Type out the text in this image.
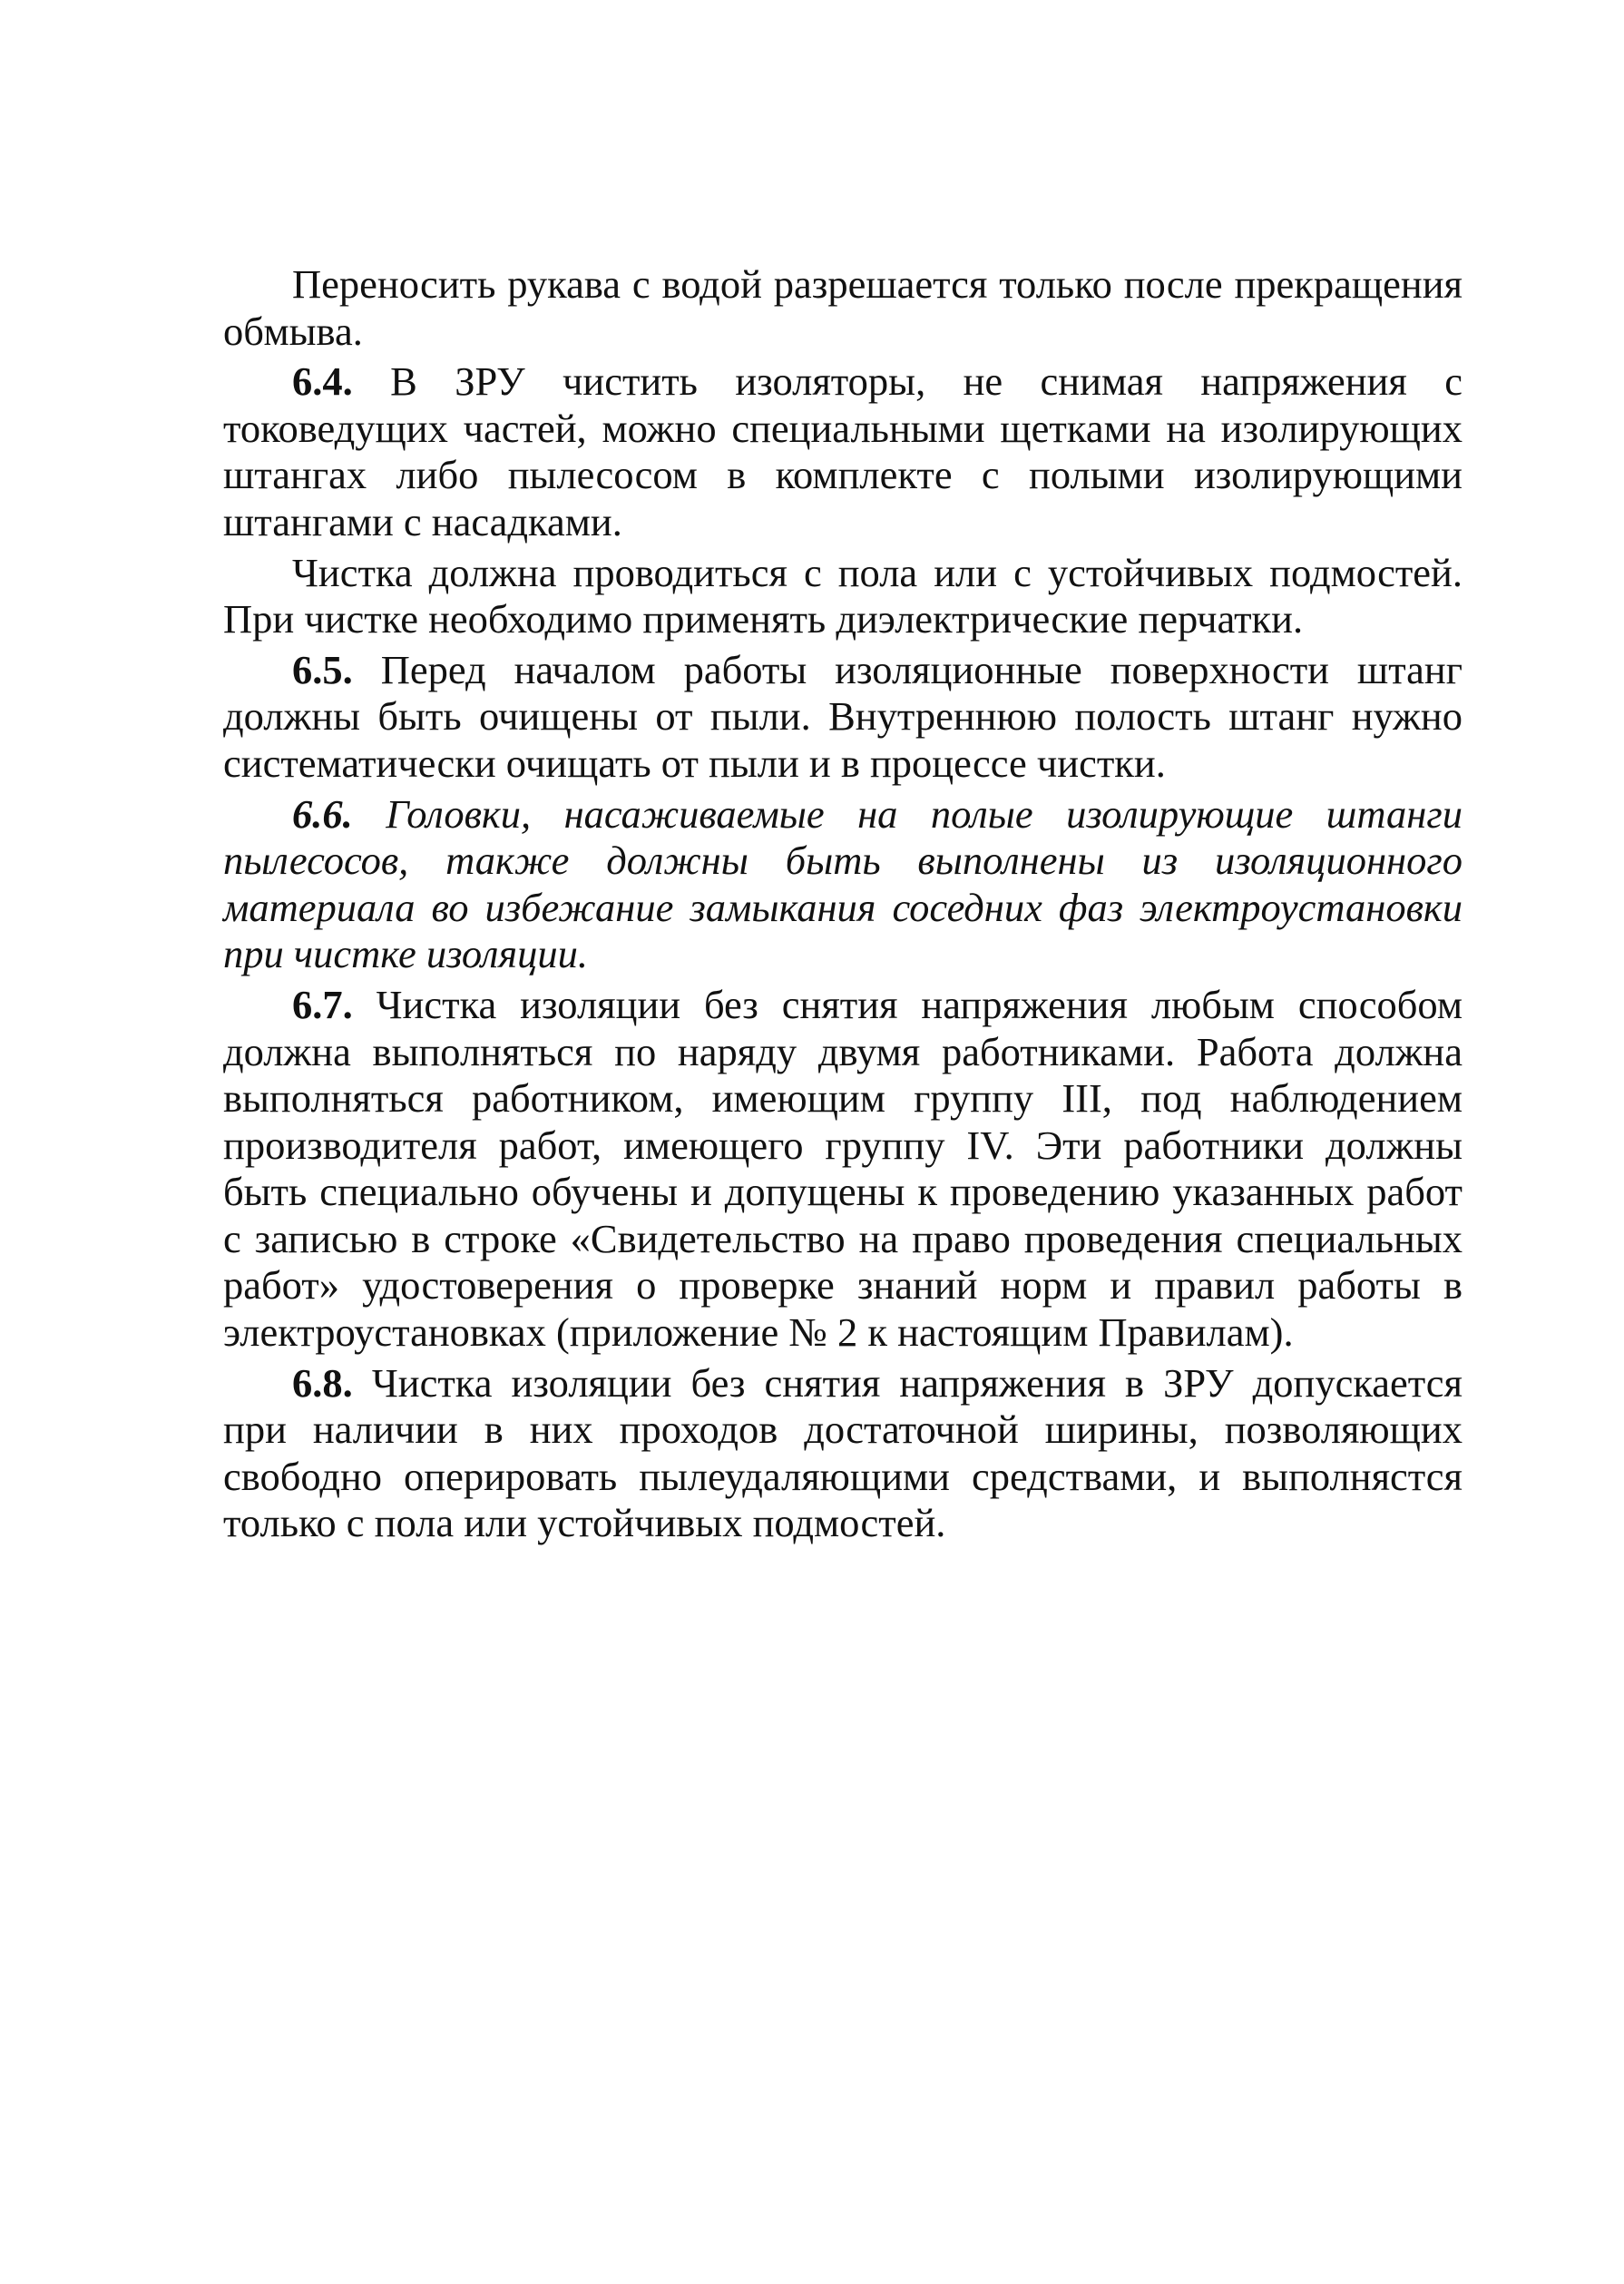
Переносить рукава с водой разрешается только после прекращения обмыва.

6.4. В ЗРУ чистить изоляторы, не снимая напряжения с токоведущих частей, можно специальными щетками на изолирующих штангах либо пылесосом в комплекте с полыми изолирующими штангами с насадками.

Чистка должна проводиться с пола или с устойчивых подмостей. При чистке необходимо применять диэлектрические перчатки.

6.5. Перед началом работы изоляционные поверхности штанг должны быть очищены от пыли. Внутреннюю полость штанг нужно систематически очищать от пыли и в процессе чистки.

6.6. Головки, насаживаемые на полые изолирующие штанги пылесосов, также должны быть выполнены из изоляционного материала во избежание замыкания соседних фаз электроустановки при чистке изоляции.

6.7. Чистка изоляции без снятия напряжения любым способом должна выполняться по наряду двумя работниками. Работа должна выполняться работником, имеющим группу III, под наблюдением производителя работ, имеющего группу IV. Эти работники должны быть специально обучены и допущены к проведению указанных работ с записью в строке «Свидетельство на право проведения специальных работ» удостоверения о проверке знаний норм и правил работы в электроустановках (приложение № 2 к настоящим Правилам).

6.8. Чистка изоляции без снятия напряжения в ЗРУ допускается при наличии в них проходов достаточной ширины, позволяющих свободно оперировать пылеудаляющими средствами, и выполнястся только с пола или устойчивых подмостей.
